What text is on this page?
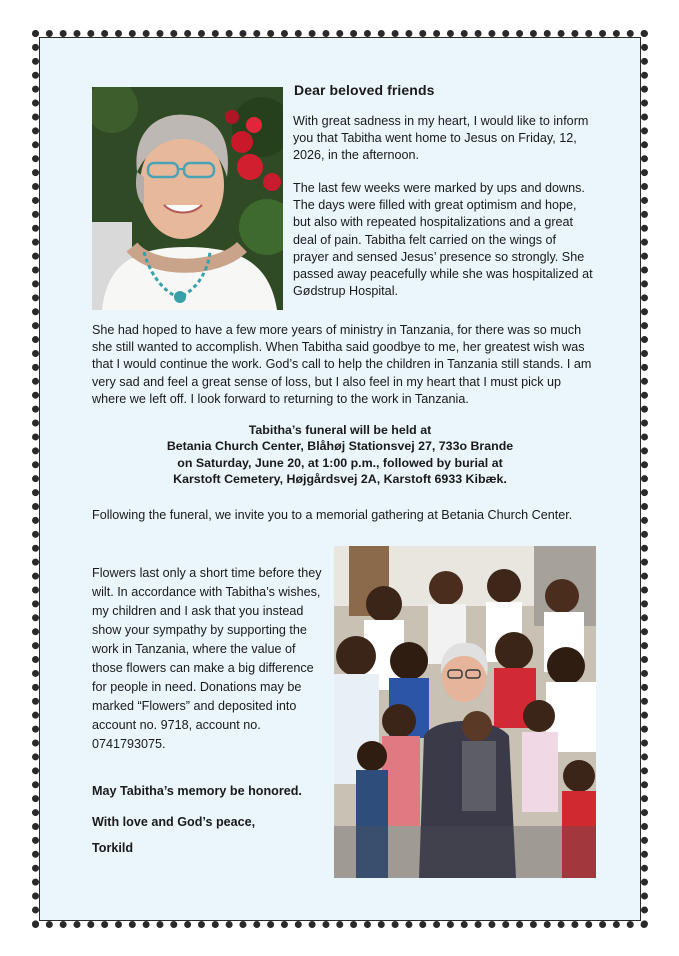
Dear beloved friends
With great sadness in my heart, I would like to inform you that Tabitha went home to Jesus on Friday, 12, 2026, in the afternoon.
The last few weeks were marked by ups and downs. The days were filled with great optimism and hope, but also with repeated hospitalizations and a great deal of pain. Tabitha felt carried on the wings of prayer and sensed Jesus’ presence so strongly. She passed away peacefully while she was hospitalized at Gødstrup Hospital.
She had hoped to have a few more years of ministry in Tanzania, for there was so much she still wanted to accomplish. When Tabitha said goodbye to me, her greatest wish was that I would continue the work. God’s call to help the children in Tanzania still stands. I am very sad and feel a great sense of loss, but I also feel in my heart that I must pick up where we left off. I look forward to returning to the work in Tanzania.
Tabitha’s funeral will be held at
Betania Church Center, Blåhøj Stationsvej 27, 733o Brande
on Saturday, June 20, at 1:00 p.m., followed by burial at
Karstoft Cemetery, Højgårdsvej 2A, Karstoft 6933 Kibæk.
Following the funeral, we invite you to a memorial gathering at Betania Church Center.
Flowers last only a short time before they wilt. In accordance with Tabitha’s wishes, my children and I ask that you instead show your sympathy by supporting the work in Tanzania, where the value of those flowers can make a big difference for people in need. Donations may be marked “Flowers” and deposited into account no. 9718, account no. 0741793075.
May Tabitha’s memory be honored.
With love and God’s peace,
Torkild
